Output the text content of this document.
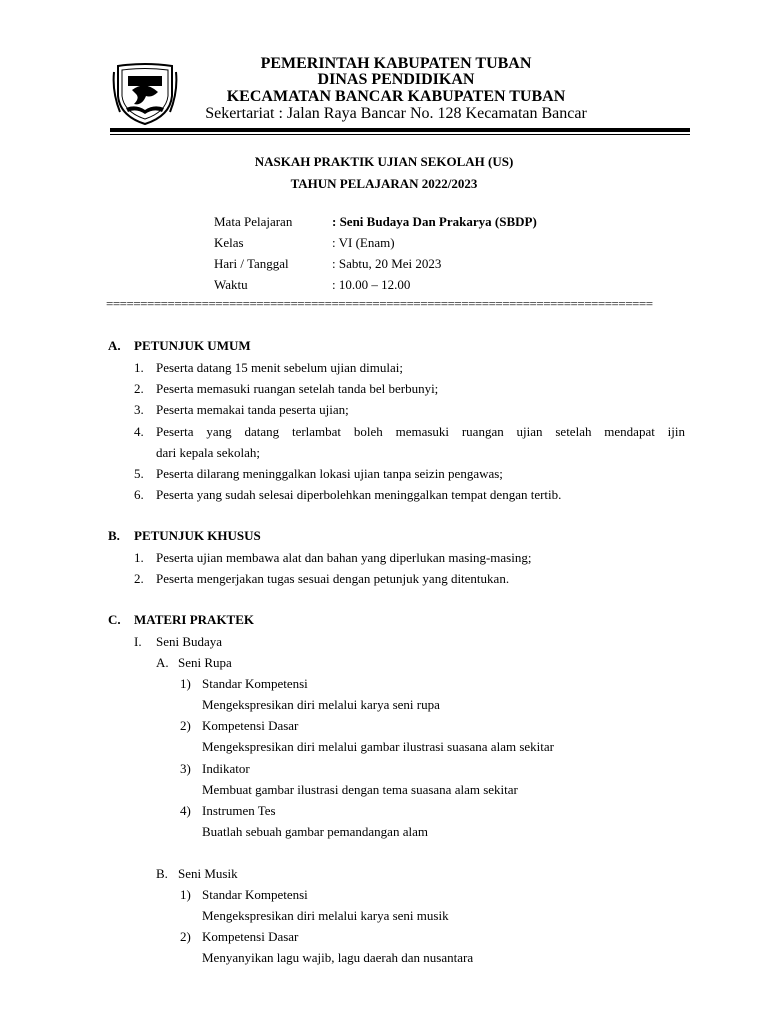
PEMERINTAH KABUPATEN TUBAN
DINAS PENDIDIKAN
KECAMATAN BANCAR KABUPATEN TUBAN
Sekertariat : Jalan Raya Bancar No. 128 Kecamatan Bancar
NASKAH PRAKTIK UJIAN SEKOLAH (US)
TAHUN PELAJARAN 2022/2023
Mata Pelajaran	: Seni Budaya Dan Prakarya (SBDP)
Kelas	: VI (Enam)
Hari / Tanggal	: Sabtu, 20 Mei 2023
Waktu	: 10.00 – 12.00
================================================================================
A. PETUNJUK UMUM
1. Peserta datang 15 menit sebelum ujian dimulai;
2. Peserta memasuki ruangan setelah tanda bel berbunyi;
3. Peserta memakai tanda peserta ujian;
4. Peserta yang datang terlambat boleh memasuki ruangan ujian setelah mendapat ijin
dari kepala sekolah;
5. Peserta dilarang meninggalkan lokasi ujian tanpa seizin pengawas;
6. Peserta yang sudah selesai diperbolehkan meninggalkan tempat dengan tertib.
B. PETUNJUK KHUSUS
1. Peserta ujian membawa alat dan bahan yang diperlukan masing-masing;
2. Peserta mengerjakan tugas sesuai dengan petunjuk yang ditentukan.
C. MATERI PRAKTEK
I. Seni Budaya
A. Seni Rupa
1) Standar Kompetensi
Mengekspresikan diri melalui karya seni rupa
2) Kompetensi Dasar
Mengekspresikan diri melalui gambar ilustrasi suasana alam sekitar
3) Indikator
Membuat gambar ilustrasi dengan tema suasana alam sekitar
4) Instrumen Tes
Buatlah sebuah gambar pemandangan alam
B. Seni Musik
1) Standar Kompetensi
Mengekspresikan diri melalui karya seni musik
2) Kompetensi Dasar
Menyanyikan lagu wajib, lagu daerah dan nusantara
